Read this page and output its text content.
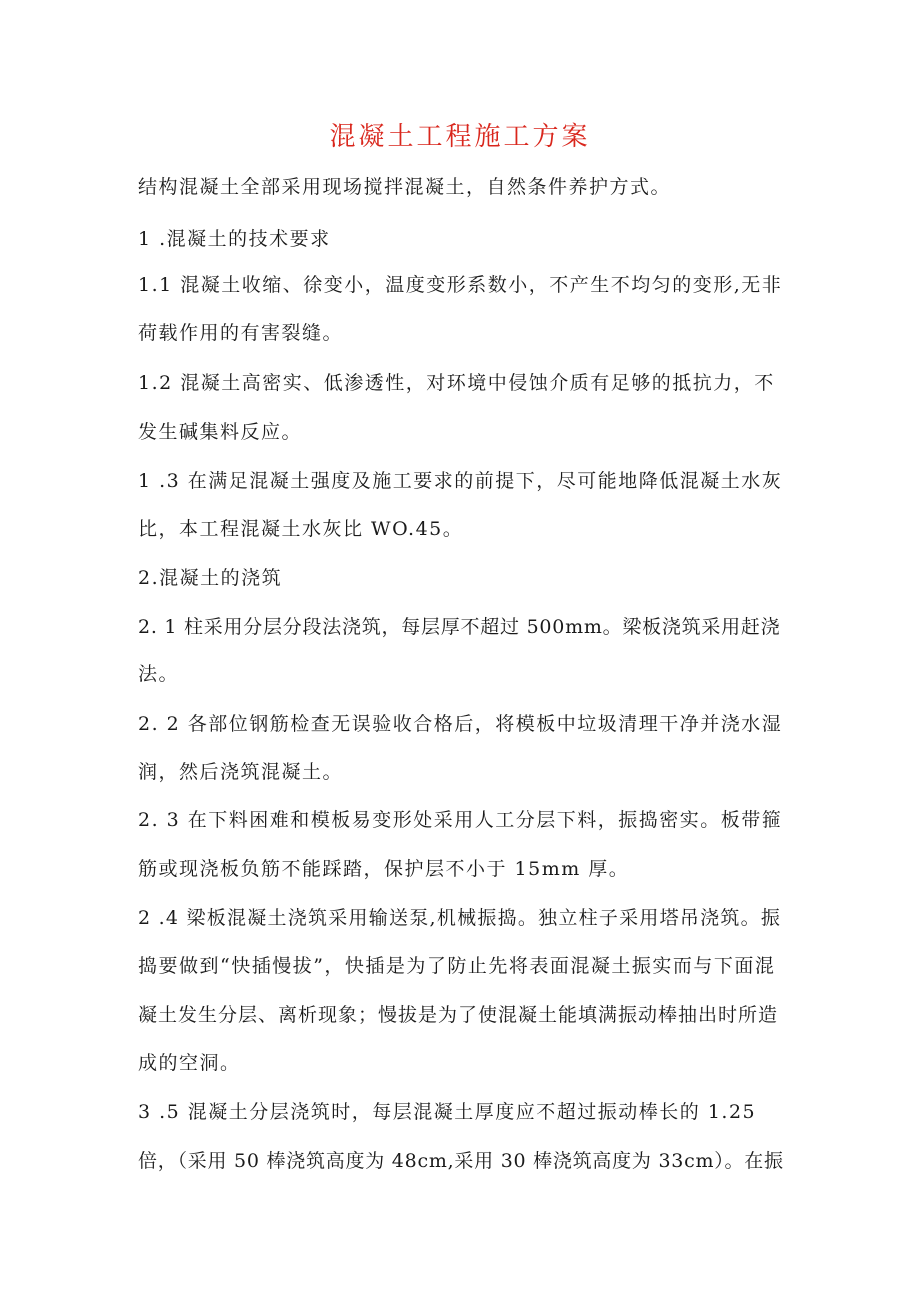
混凝土工程施工方案
结构混凝土全部采用现场搅拌混凝土，自然条件养护方式。
1 .混凝土的技术要求
1.1 混凝土收缩、徐变小，温度变形系数小，不产生不均匀的变形,无非
荷载作用的有害裂缝。
1.2 混凝土高密实、低渗透性，对环境中侵蚀介质有足够的抵抗力，不
发生碱集料反应。
1 .3 在满足混凝土强度及施工要求的前提下，尽可能地降低混凝土水灰
比，本工程混凝土水灰比 WO.45。
2.混凝土的浇筑
2. 1 柱采用分层分段法浇筑，每层厚不超过 500mm。梁板浇筑采用赶浇
法。
2. 2 各部位钢筋检查无误验收合格后，将模板中垃圾清理干净并浇水湿
润，然后浇筑混凝土。
2. 3 在下料困难和模板易变形处采用人工分层下料，振捣密实。板带箍
筋或现浇板负筋不能踩踏，保护层不小于 15mm 厚。
2 .4 梁板混凝土浇筑采用输送泵,机械振捣。独立柱子采用塔吊浇筑。振
捣要做到“快插慢拔”，快插是为了防止先将表面混凝土振实而与下面混
凝土发生分层、离析现象；慢拔是为了使混凝土能填满振动棒抽出时所造
成的空洞。
3 .5 混凝土分层浇筑时，每层混凝土厚度应不超过振动棒长的 1.25
倍，（采用 50 棒浇筑高度为 48cm,采用 30 棒浇筑高度为 33cm）。在振
